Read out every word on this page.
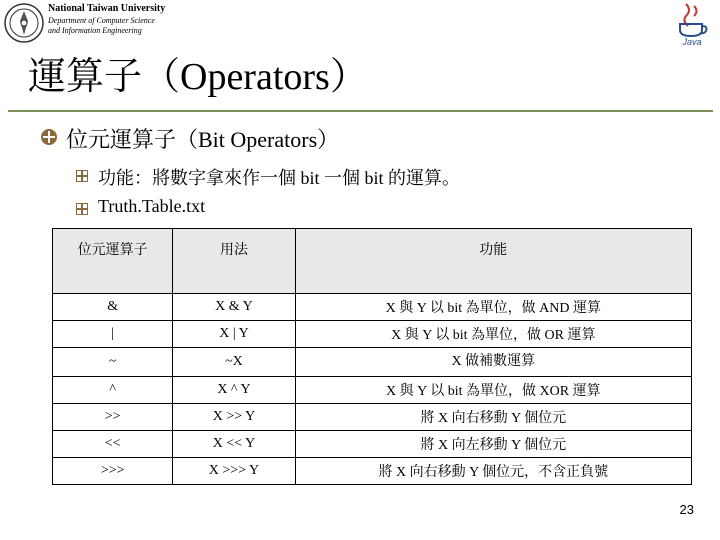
National Taiwan University
Department of Computer Science and Information Engineering
Java
運算子（Operators）
位元運算子（Bit Operators）
功能：將數字拿來作一個 bit 一個 bit 的運算。
Truth.Table.txt
位元運算子	用法	功能
&	X & Y	X 與 Y 以 bit 為單位，做 AND 運算
|	X | Y	X 與 Y 以 bit 為單位，做 OR 運算
~	~X	X 做補數運算
^	X ^ Y	X 與 Y 以 bit 為單位，做 XOR 運算
>>	X >> Y	將 X 向右移動 Y 個位元
<<	X << Y	將 X 向左移動 Y 個位元
>>>	X >>> Y	將 X 向右移動 Y 個位元，不含正負號
23
